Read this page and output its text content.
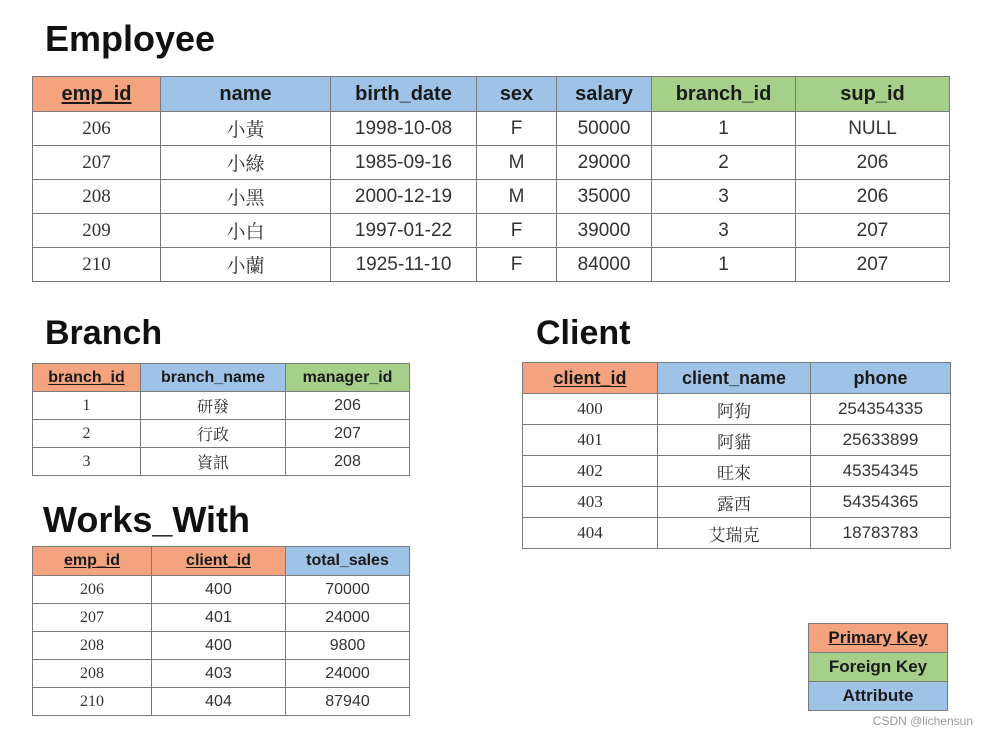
Employee
emp_id	name	birth_date	sex	salary	branch_id	sup_id
206	小黃	1998-10-08	F	50000	1	NULL
207	小綠	1985-09-16	M	29000	2	206
208	小黑	2000-12-19	M	35000	3	206
209	小白	1997-01-22	F	39000	3	207
210	小蘭	1925-11-10	F	84000	1	207
Branch
branch_id	branch_name	manager_id
1	研發	206
2	行政	207
3	資訊	208
Works_With
emp_id	client_id	total_sales
206	400	70000
207	401	24000
208	400	9800
208	403	24000
210	404	87940
Client
client_id	client_name	phone
400	阿狗	254354335
401	阿貓	25633899
402	旺來	45354345
403	露西	54354365
404	艾瑞克	18783783
Primary Key
Foreign Key
Attribute
CSDN @lichensun
